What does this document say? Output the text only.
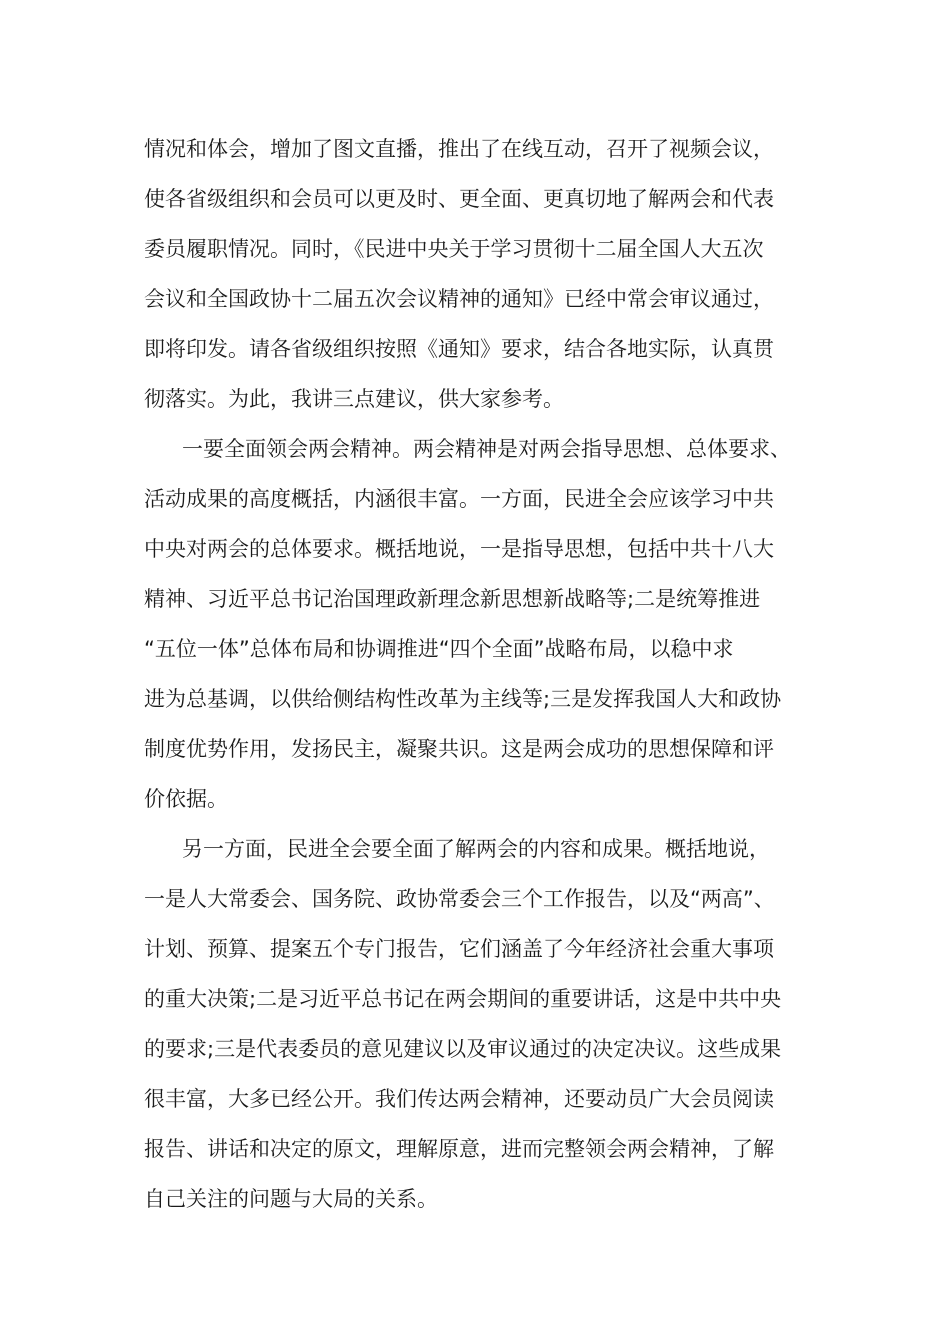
情况和体会，增加了图文直播，推出了在线互动，召开了视频会议，
使各省级组织和会员可以更及时、更全面、更真切地了解两会和代表
委员履职情况。同时，《民进中央关于学习贯彻十二届全国人大五次
会议和全国政协十二届五次会议精神的通知》已经中常会审议通过，
即将印发。请各省级组织按照《通知》要求，结合各地实际，认真贯
彻落实。为此，我讲三点建议，供大家参考。
一要全面领会两会精神。两会精神是对两会指导思想、总体要求、
活动成果的高度概括，内涵很丰富。一方面，民进全会应该学习中共
中央对两会的总体要求。概括地说，一是指导思想，包括中共十八大
精神、习近平总书记治国理政新理念新思想新战略等;二是统筹推进
“五位一体”总体布局和协调推进“四个全面”战略布局，以稳中求
进为总基调，以供给侧结构性改革为主线等;三是发挥我国人大和政协
制度优势作用，发扬民主，凝聚共识。这是两会成功的思想保障和评
价依据。
另一方面，民进全会要全面了解两会的内容和成果。概括地说，
一是人大常委会、国务院、政协常委会三个工作报告，以及“两高”、
计划、预算、提案五个专门报告，它们涵盖了今年经济社会重大事项
的重大决策;二是习近平总书记在两会期间的重要讲话，这是中共中央
的要求;三是代表委员的意见建议以及审议通过的决定决议。这些成果
很丰富，大多已经公开。我们传达两会精神，还要动员广大会员阅读
报告、讲话和决定的原文，理解原意，进而完整领会两会精神，了解
自己关注的问题与大局的关系。
